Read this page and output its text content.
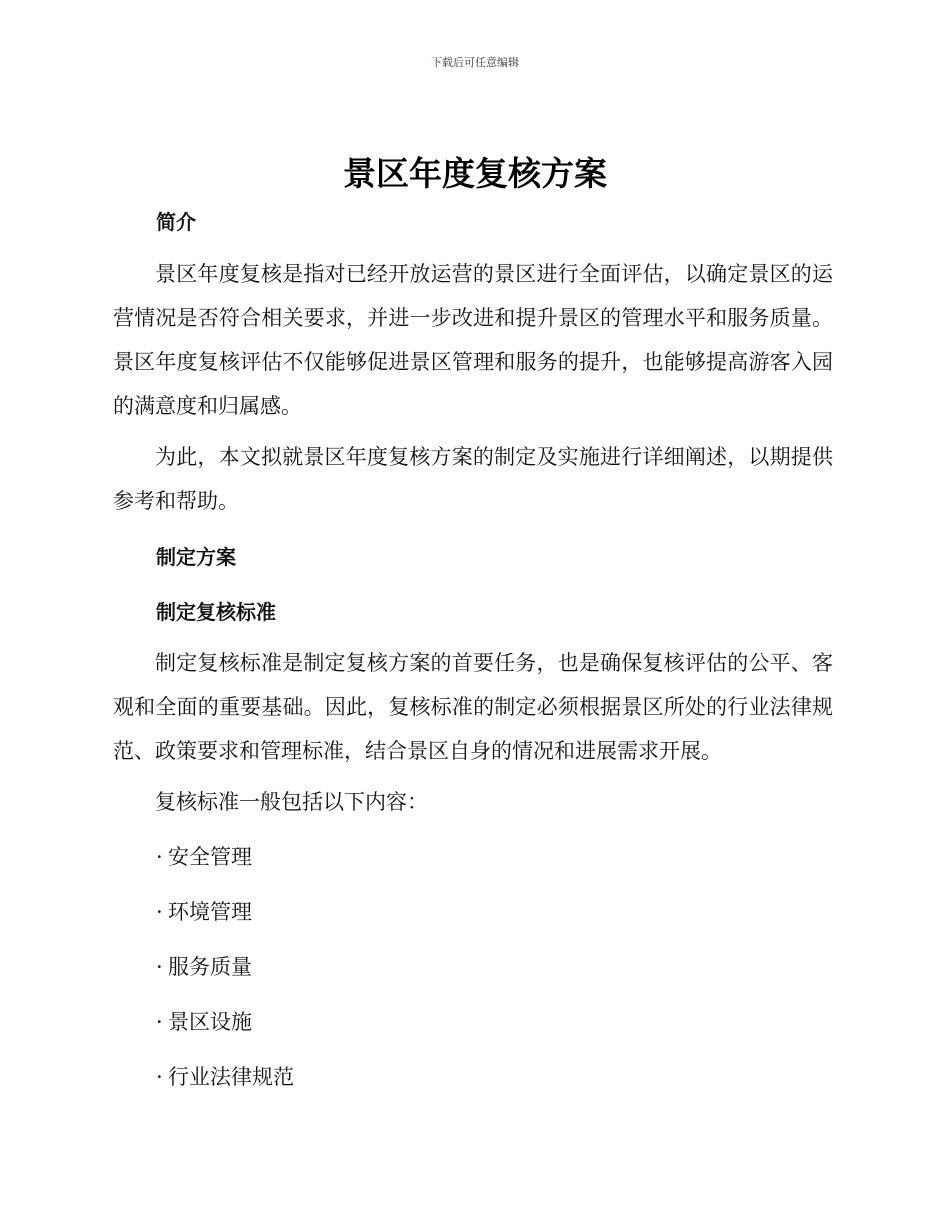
下载后可任意编辑
景区年度复核方案
简介

景区年度复核是指对已经开放运营的景区进行全面评估，以确定景区的运营情况是否符合相关要求，并进一步改进和提升景区的管理水平和服务质量。景区年度复核评估不仅能够促进景区管理和服务的提升，也能够提高游客入园的满意度和归属感。

为此，本文拟就景区年度复核方案的制定及实施进行详细阐述，以期提供参考和帮助。

制定方案
制定复核标准

制定复核标准是制定复核方案的首要任务，也是确保复核评估的公平、客观和全面的重要基础。因此，复核标准的制定必须根据景区所处的行业法律规范、政策要求和管理标准，结合景区自身的情况和进展需求开展。

复核标准一般包括以下内容：

· 安全管理
· 环境管理
· 服务质量
· 景区设施
· 行业法律规范
